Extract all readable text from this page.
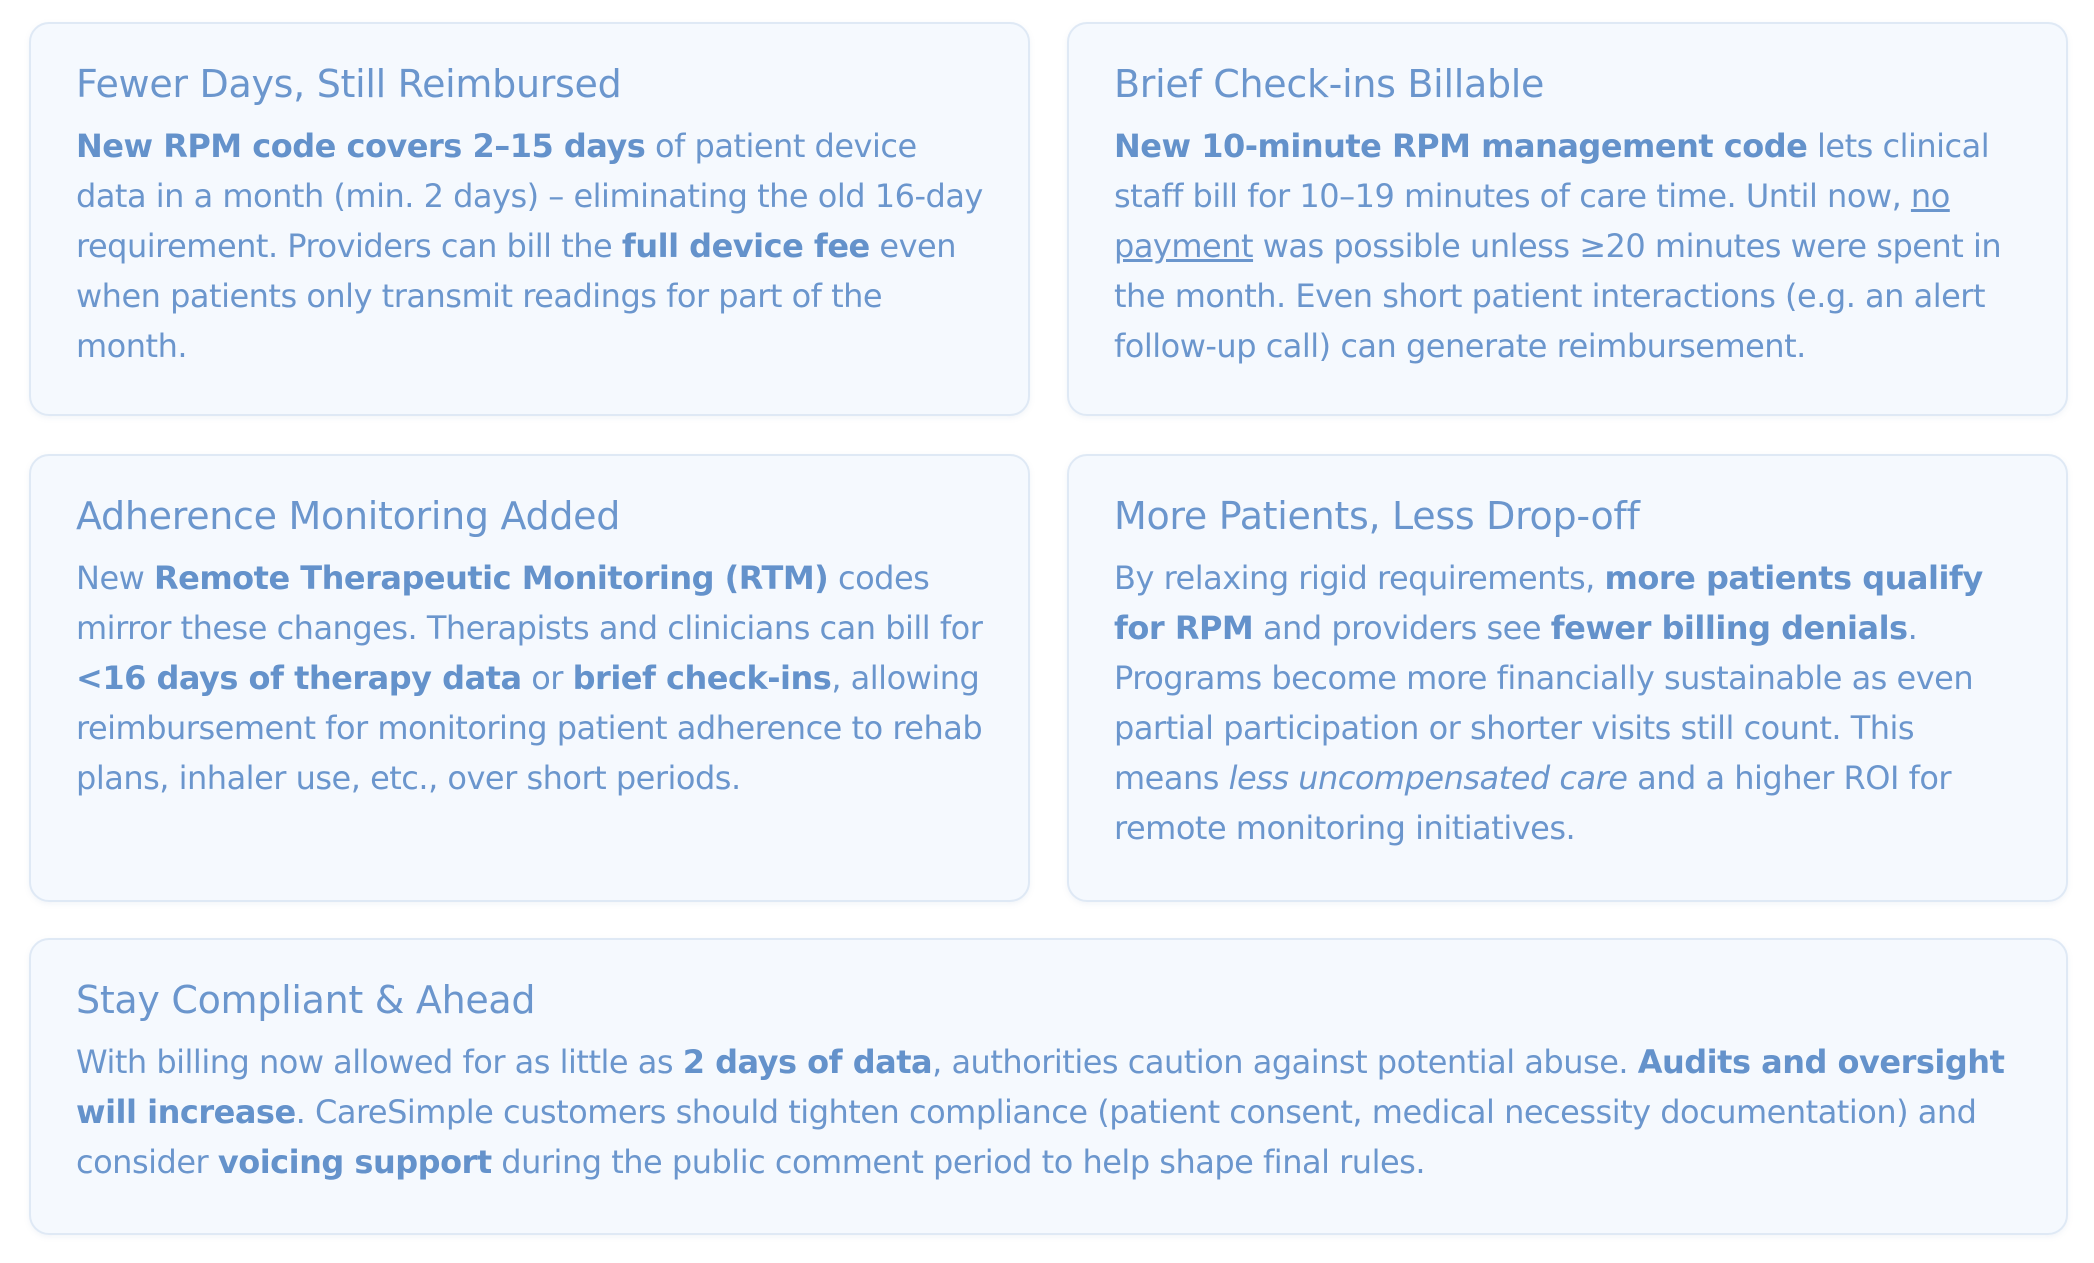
Fewer Days, Still Reimbursed

New RPM code covers 2–15 days of patient device data in a month (min. 2 days) – eliminating the old 16-day requirement. Providers can bill the full device fee even when patients only transmit readings for part of the month.

Brief Check-ins Billable

New 10-minute RPM management code lets clinical staff bill for 10–19 minutes of care time. Until now, no payment was possible unless ≥20 minutes were spent in the month. Even short patient interactions (e.g. an alert follow-up call) can generate reimbursement.

Adherence Monitoring Added

New Remote Therapeutic Monitoring (RTM) codes mirror these changes. Therapists and clinicians can bill for <16 days of therapy data or brief check-ins, allowing reimbursement for monitoring patient adherence to rehab plans, inhaler use, etc., over short periods.

More Patients, Less Drop-off

By relaxing rigid requirements, more patients qualify for RPM and providers see fewer billing denials. Programs become more financially sustainable as even partial participation or shorter visits still count. This means less uncompensated care and a higher ROI for remote monitoring initiatives.

Stay Compliant & Ahead

With billing now allowed for as little as 2 days of data, authorities caution against potential abuse. Audits and oversight will increase. CareSimple customers should tighten compliance (patient consent, medical necessity documentation) and consider voicing support during the public comment period to help shape final rules.
